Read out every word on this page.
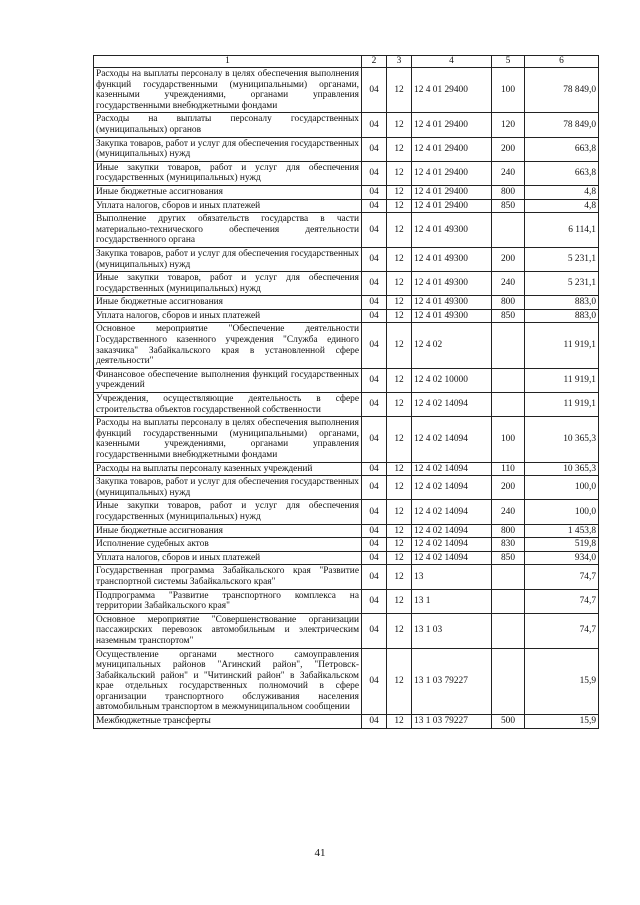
1	2	3	4	5	6
Расходы на выплаты персоналу в целях обеспечения выполнения функций государственными (муниципальными) органами, казенными учреждениями, органами управления государственными внебюджетными фондами	04	12	12 4 01 29400	100	78 849,0
Расходы на выплаты персоналу государственных (муниципальных) органов	04	12	12 4 01 29400	120	78 849,0
Закупка товаров, работ и услуг для обеспечения государственных (муниципальных) нужд	04	12	12 4 01 29400	200	663,8
Иные закупки товаров, работ и услуг для обеспечения государственных (муниципальных) нужд	04	12	12 4 01 29400	240	663,8
Иные бюджетные ассигнования	04	12	12 4 01 29400	800	4,8
Уплата налогов, сборов и иных платежей	04	12	12 4 01 29400	850	4,8
Выполнение других обязательств государства в части материально-технического обеспечения деятельности государственного органа	04	12	12 4 01 49300		6 114,1
Закупка товаров, работ и услуг для обеспечения государственных (муниципальных) нужд	04	12	12 4 01 49300	200	5 231,1
Иные закупки товаров, работ и услуг для обеспечения государственных (муниципальных) нужд	04	12	12 4 01 49300	240	5 231,1
Иные бюджетные ассигнования	04	12	12 4 01 49300	800	883,0
Уплата налогов, сборов и иных платежей	04	12	12 4 01 49300	850	883,0
Основное мероприятие "Обеспечение деятельности Государственного казенного учреждения "Служба единого заказчика" Забайкальского края в установленной сфере деятельности"	04	12	12 4 02		11 919,1
Финансовое обеспечение выполнения функций государственных учреждений	04	12	12 4 02 10000		11 919,1
Учреждения, осуществляющие деятельность в сфере строительства объектов государственной собственности	04	12	12 4 02 14094		11 919,1
Расходы на выплаты персоналу в целях обеспечения выполнения функций государственными (муниципальными) органами, казенными учреждениями, органами управления государственными внебюджетными фондами	04	12	12 4 02 14094	100	10 365,3
Расходы на выплаты персоналу казенных учреждений	04	12	12 4 02 14094	110	10 365,3
Закупка товаров, работ и услуг для обеспечения государственных (муниципальных) нужд	04	12	12 4 02 14094	200	100,0
Иные закупки товаров, работ и услуг для обеспечения государственных (муниципальных) нужд	04	12	12 4 02 14094	240	100,0
Иные бюджетные ассигнования	04	12	12 4 02 14094	800	1 453,8
Исполнение судебных актов	04	12	12 4 02 14094	830	519,8
Уплата налогов, сборов и иных платежей	04	12	12 4 02 14094	850	934,0
Государственная программа Забайкальского края "Развитие транспортной системы Забайкальского края"	04	12	13		74,7
Подпрограмма "Развитие транспортного комплекса на территории Забайкальского края"	04	12	13 1		74,7
Основное мероприятие "Совершенствование организации пассажирских перевозок автомобильным и электрическим наземным транспортом"	04	12	13 1 03		74,7
Осуществление органами местного самоуправления муниципальных районов "Агинский район", "Петровск-Забайкальский район" и "Читинский район" в Забайкальском крае отдельных государственных полномочий в сфере организации транспортного обслуживания населения автомобильным транспортом в межмуниципальном сообщении	04	12	13 1 03 79227		15,9
Межбюджетные трансферты	04	12	13 1 03 79227	500	15,9
41
